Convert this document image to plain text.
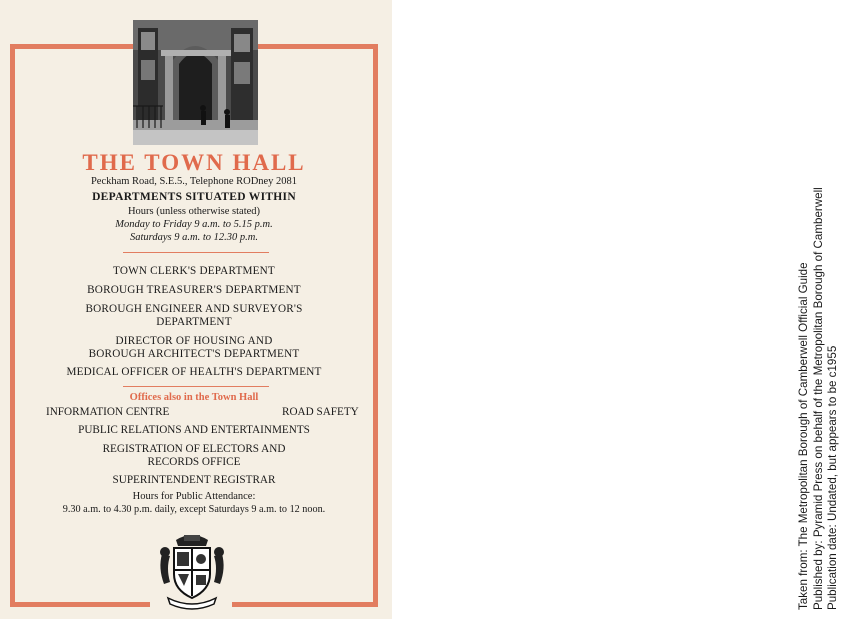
THE TOWN HALL

Peckham Road, S.E.5., Telephone RODney 2081

DEPARTMENTS SITUATED WITHIN

Hours (unless otherwise stated)

Monday to Friday 9 a.m. to 5.15 p.m.

Saturdays 9 a.m. to 12.30 p.m.

TOWN CLERK'S DEPARTMENT

BOROUGH TREASURER'S DEPARTMENT

BOROUGH ENGINEER AND SURVEYOR'S

DEPARTMENT

DIRECTOR OF HOUSING AND

BOROUGH ARCHITECT'S DEPARTMENT

MEDICAL OFFICER OF HEALTH'S DEPARTMENT

Offices also in the Town Hall

INFORMATION CENTRE	ROAD SAFETY

PUBLIC RELATIONS AND ENTERTAINMENTS

REGISTRATION OF ELECTORS AND

RECORDS OFFICE

SUPERINTENDENT REGISTRAR

Hours for Public Attendance:

9.30 a.m. to 4.30 p.m. daily, except Saturdays 9 a.m. to 12 noon.	Taken from: The Metropolitan Borough of Camberwell Official Guide Published by: Pyramid Press on behalf of the Metropolitan Borough of Camberwell Publication date: Undated, but appears to be c1955
